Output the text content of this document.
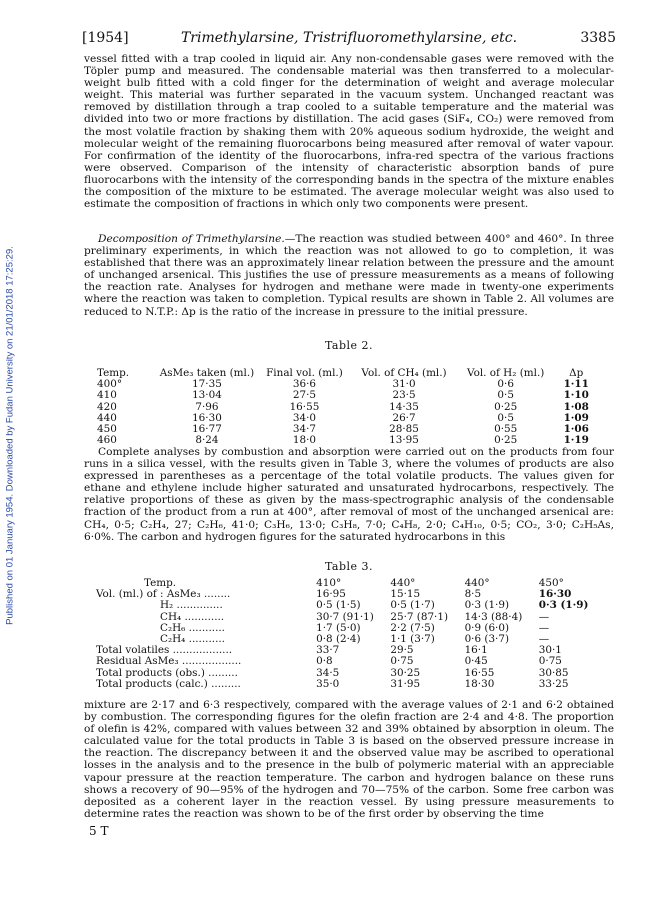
Published on 01 January 1954. Downloaded by Fudan University on 21/01/2018 17:25:29.
[1954]	Trimethylarsine, Tristrifluoromethylarsine, etc.	3385

vessel fitted with a trap cooled in liquid air. Any non-condensable gases were removed with the Töpler pump and measured. The condensable material was then transferred to a molecular-weight bulb fitted with a cold finger for the determination of weight and average molecular weight. This material was further separated in the vacuum system. Unchanged reactant was removed by distillation through a trap cooled to a suitable temperature and the material was divided into two or more fractions by distillation. The acid gases (SiF₄, CO₂) were removed from the most volatile fraction by shaking them with 20% aqueous sodium hydroxide, the weight and molecular weight of the remaining fluorocarbons being measured after removal of water vapour. For confirmation of the identity of the fluorocarbons, infra-red spectra of the various fractions were observed. Comparison of the intensity of characteristic absorption bands of pure fluorocarbons with the intensity of the corresponding bands in the spectra of the mixture enables the composition of the mixture to be estimated. The average molecular weight was also used to estimate the composition of fractions in which only two components were present.

Decomposition of Trimethylarsine.—The reaction was studied between 400° and 460°. In three preliminary experiments, in which the reaction was not allowed to go to completion, it was established that there was an approximately linear relation between the pressure and the amount of unchanged arsenical. This justifies the use of pressure measurements as a means of following the reaction rate. Analyses for hydrogen and methane were made in twenty-one experiments where the reaction was taken to completion. Typical results are shown in Table 2. All volumes are reduced to N.T.P.: Δp is the ratio of the increase in pressure to the initial pressure.

Table 2.
Temp.	AsMe₃ taken (ml.)	Final vol. (ml.)	Vol. of CH₄ (ml.)	Vol. of H₂ (ml.)	Δp
400°	17·35	36·6	31·0	0·6	1·11
410	13·04	27·5	23·5	0·5	1·10
420	7·96	16·55	14·35	0·25	1·08
440	16·30	34·0	26·7	0·5	1·09
450	16·77	34·7	28·85	0·55	1·06
460	8·24	18·0	13·95	0·25	1·19

Complete analyses by combustion and absorption were carried out on the products from four runs in a silica vessel, with the results given in Table 3, where the volumes of products are also expressed in parentheses as a percentage of the total volatile products. The values given for ethane and ethylene include higher saturated and unsaturated hydrocarbons, respectively. The relative proportions of these as given by the mass-spectrographic analysis of the condensable fraction of the product from a run at 400°, after removal of most of the unchanged arsenical are: CH₄, 0·5; C₂H₄, 27; C₂H₆, 41·0; C₃H₆, 13·0; C₃H₈, 7·0; C₄H₈, 2·0; C₄H₁₀, 0·5; CO₂, 3·0; C₂H₅As, 6·0%. The carbon and hydrogen figures for the saturated hydrocarbons in this

Table 3.
Temp.	410°	440°	440°	450°
Vol. (ml.) of : AsMe₃ ........	16·95	15·15	8·5	16·30
H₂ ..............	0·5 (1·5)	0·5 (1·7)	0·3 (1·9)	0·3 (1·9)
CH₄ ............	30·7 (91·1)	25·7 (87·1)	14·3 (88·4)	—
C₂H₆ ...........	1·7 (5·0)	2·2 (7·5)	0·9 (6·0)	—
C₂H₄ ...........	0·8 (2·4)	1·1 (3·7)	0·6 (3·7)	—
Total volatiles ..................	33·7	29·5	16·1	30·1
Residual AsMe₃ ..................	0·8	0·75	0·45	0·75
Total products (obs.) .........	34·5	30·25	16·55	30·85
Total products (calc.) .........	35·0	31·95	18·30	33·25

mixture are 2·17 and 6·3 respectively, compared with the average values of 2·1 and 6·2 obtained by combustion. The corresponding figures for the olefin fraction are 2·4 and 4·8. The proportion of olefin is 42%, compared with values between 32 and 39% obtained by absorption in oleum. The calculated value for the total products in Table 3 is based on the observed pressure increase in the reaction. The discrepancy between it and the observed value may be ascribed to operational losses in the analysis and to the presence in the bulb of polymeric material with an appreciable vapour pressure at the reaction temperature. The carbon and hydrogen balance on these runs shows a recovery of 90—95% of the hydrogen and 70—75% of the carbon. Some free carbon was deposited as a coherent layer in the reaction vessel. By using pressure measurements to determine rates the reaction was shown to be of the first order by observing the time

5 T
